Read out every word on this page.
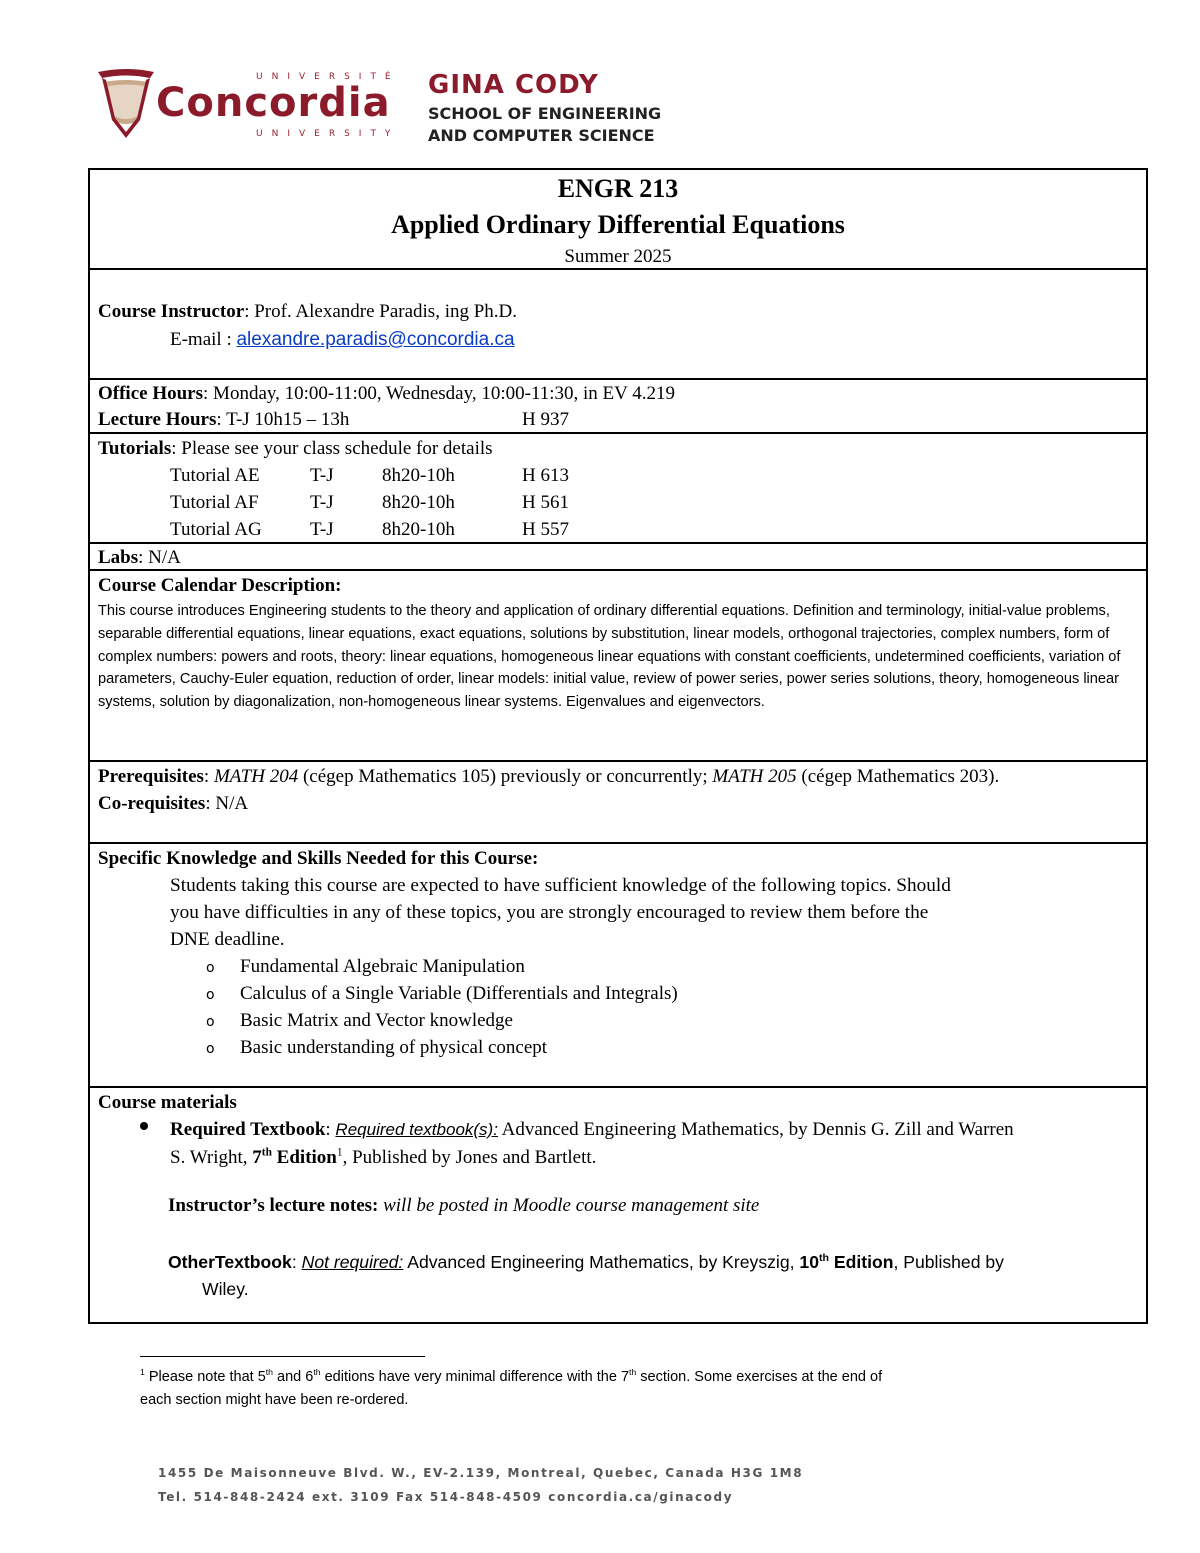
UNIVERSITÉ
Concordia
UNIVERSITY
GINA CODY
SCHOOL OF ENGINEERING
AND COMPUTER SCIENCE
ENGR 213
Applied Ordinary Differential Equations
Summer 2025
Course Instructor: Prof. Alexandre Paradis, ing Ph.D.
E-mail : alexandre.paradis@concordia.ca
Office Hours: Monday, 10:00-11:00, Wednesday, 10:00-11:30, in EV 4.219
Lecture Hours: T-J 10h15 – 13h	H 937
Tutorials: Please see your class schedule for details
Tutorial AE	T-J	8h20-10h	H 613
Tutorial AF	T-J	8h20-10h	H 561
Tutorial AG	T-J	8h20-10h	H 557
Labs: N/A
Course Calendar Description:
This course introduces Engineering students to the theory and application of ordinary differential equations. Definition and terminology, initial-value problems, separable differential equations, linear equations, exact equations, solutions by substitution, linear models, orthogonal trajectories, complex numbers, form of complex numbers: powers and roots, theory: linear equations, homogeneous linear equations with constant coefficients, undetermined coefficients, variation of parameters, Cauchy-Euler equation, reduction of order, linear models: initial value, review of power series, power series solutions, theory, homogeneous linear systems, solution by diagonalization, non-homogeneous linear systems. Eigenvalues and eigenvectors.
Prerequisites: MATH 204 (cégep Mathematics 105) previously or concurrently; MATH 205 (cégep Mathematics 203).
Co-requisites: N/A
Specific Knowledge and Skills Needed for this Course:
Students taking this course are expected to have sufficient knowledge of the following topics. Should
you have difficulties in any of these topics, you are strongly encouraged to review them before the
DNE deadline.
o Fundamental Algebraic Manipulation
o Calculus of a Single Variable (Differentials and Integrals)
o Basic Matrix and Vector knowledge
o Basic understanding of physical concept
Course materials
Required Textbook: Required textbook(s): Advanced Engineering Mathematics, by Dennis G. Zill and Warren
S. Wright, 7th Edition$^1$, Published by Jones and Bartlett.
Instructor’s lecture notes: will be posted in Moodle course management site
OtherTextbook: Not required: Advanced Engineering Mathematics, by Kreyszig, 10th Edition, Published by
Wiley.
$^1$ Please note that 5th and 6th editions have very minimal difference with the 7th section. Some exercises at the end of
each section might have been re-ordered.
1455 De Maisonneuve Blvd. W., EV-2.139, Montreal, Quebec, Canada H3G 1M8
Tel. 514-848-2424 ext. 3109 Fax 514-848-4509 concordia.ca/ginacody
